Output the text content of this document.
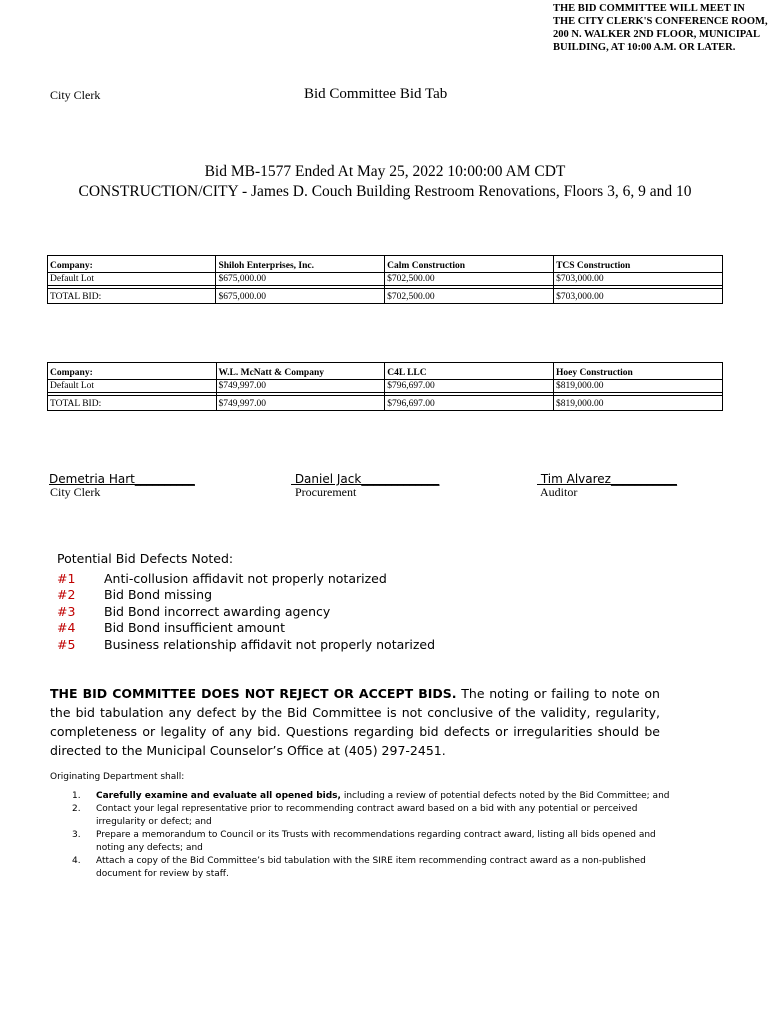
THE BID COMMITTEE WILL MEET IN THE CITY CLERK'S CONFERENCE ROOM, 200 N. WALKER 2ND FLOOR, MUNICIPAL BUILDING, AT 10:00 A.M. OR LATER.
City Clerk	Bid Committee Bid Tab
Bid MB-1577 Ended At May 25, 2022 10:00:00 AM CDT
CONSTRUCTION/CITY - James D. Couch Building Restroom Renovations, Floors 3, 6, 9 and 10
Company:	Shiloh Enterprises, Inc.	Calm Construction	TCS Construction
Default Lot	$675,000.00	$702,500.00	$703,000.00

TOTAL BID:	$675,000.00	$702,500.00	$703,000.00
Company:	W.L. McNatt & Company	C4L LLC	Hoey Construction
Default Lot	$749,997.00	$796,697.00	$819,000.00

TOTAL BID:	$749,997.00	$796,697.00	$819,000.00
Demetria Hart__________
City Clerk
Daniel Jack_____________
Procurement
Tim Alvarez___________
Auditor
Potential Bid Defects Noted:
#1 Anti-collusion affidavit not properly notarized
#2 Bid Bond missing
#3 Bid Bond incorrect awarding agency
#4 Bid Bond insufficient amount
#5 Business relationship affidavit not properly notarized
THE BID COMMITTEE DOES NOT REJECT OR ACCEPT BIDS. The noting or failing to note on the bid tabulation any defect by the Bid Committee is not conclusive of the validity, regularity, completeness or legality of any bid. Questions regarding bid defects or irregularities should be directed to the Municipal Counselor’s Office at (405) 297-2451.
Originating Department shall:
1. Carefully examine and evaluate all opened bids, including a review of potential defects noted by the Bid Committee; and
2. Contact your legal representative prior to recommending contract award based on a bid with any potential or perceived irregularity or defect; and
3. Prepare a memorandum to Council or its Trusts with recommendations regarding contract award, listing all bids opened and noting any defects; and
4. Attach a copy of the Bid Committee’s bid tabulation with the SIRE item recommending contract award as a non-published document for review by staff.
